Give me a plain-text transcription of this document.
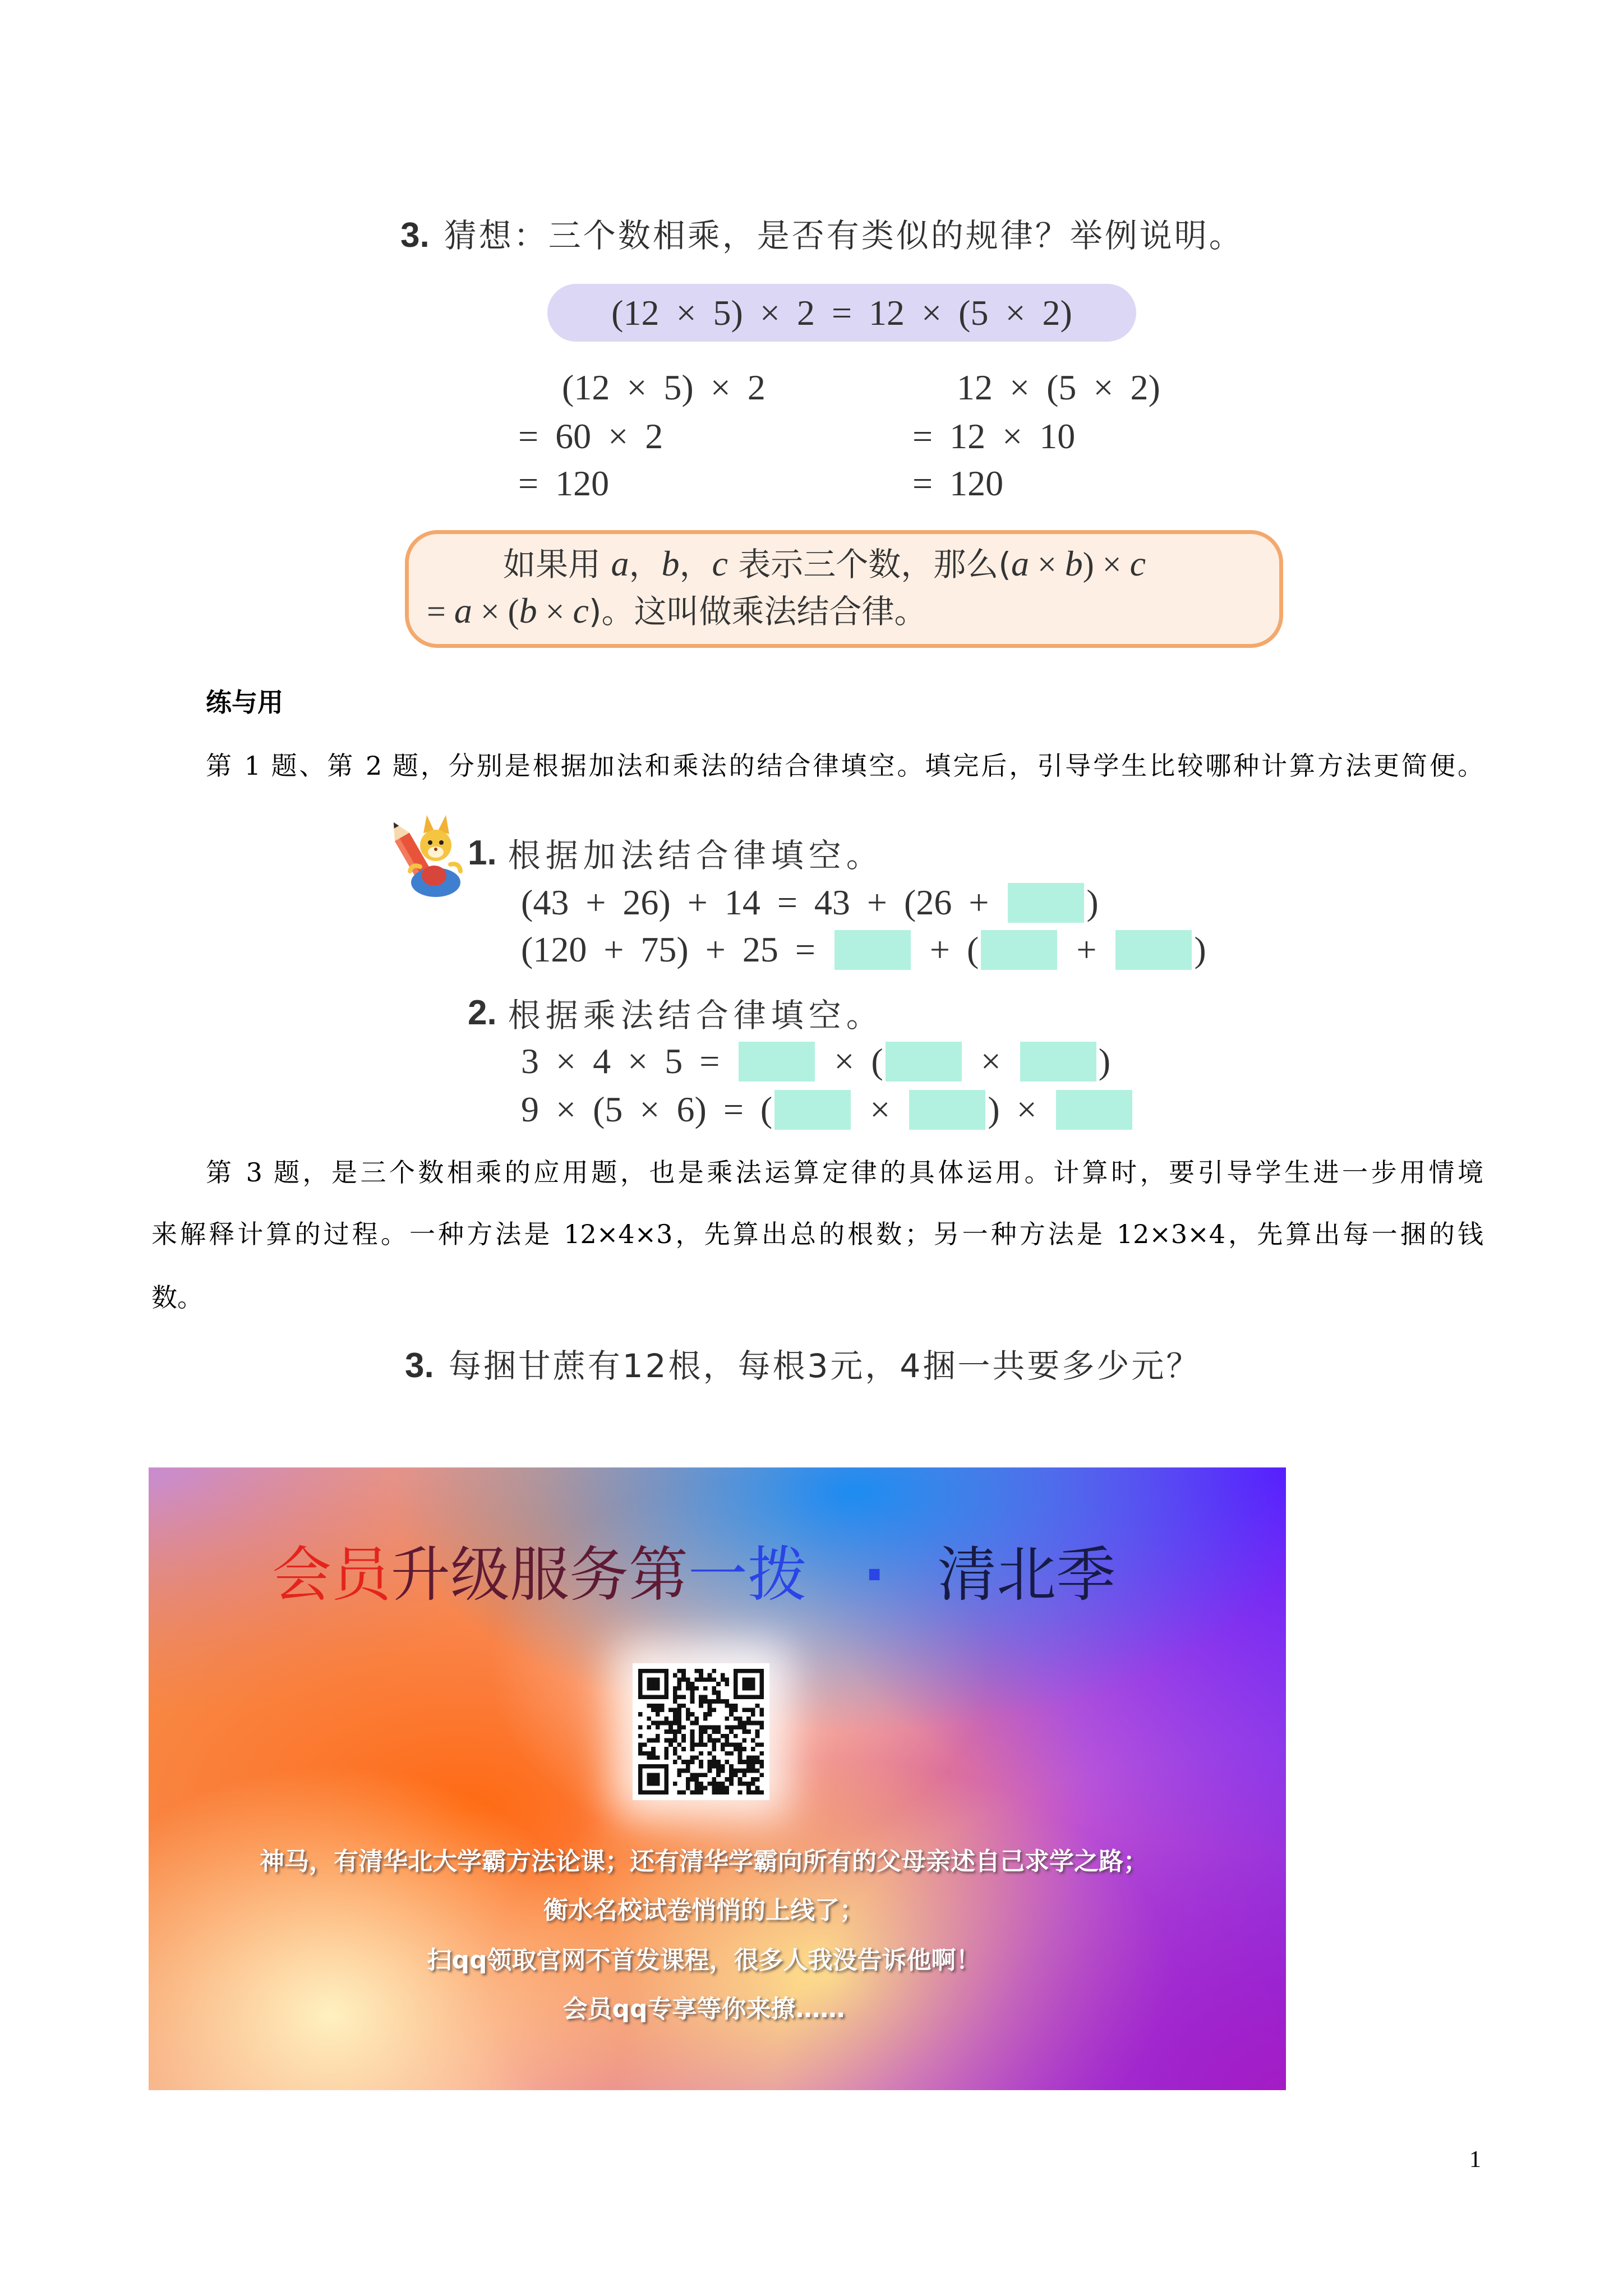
3. 猜想：三个数相乘，是否有类似的规律？举例说明。
(12 × 5) × 2 = 12 × (5 × 2)
(12 × 5) × 2
= 60 × 2
= 120
12 × (5 × 2)
= 12 × 10
= 120
如果用 a ， b ， c 表示三个数，那么( a × b ) × c
= a × ( b × c )。这叫做乘法结合律。
练与用
第 1 题、第 2 题，分别是根据加法和乘法的结合律填空。填完后，引导学生比较哪种计算方法更简便。
1. 根据加法结合律填空。
(43 + 26) + 14 = 43 + (26 + )
(120 + 75) + 25 = + ( + )
2. 根据乘法结合律填空。
3 × 4 × 5 = × ( × )
9 × (5 × 6) = ( × ) ×
第 3 题，是三个数相乘的应用题，也是乘法运算定律的具体运用。计算时，要引导学生进一步用情境
来解释计算的过程。一种方法是 12×4×3，先算出总的根数；另一种方法是 12×3×4，先算出每一捆的钱
数。
3. 每捆甘蔗有12根，每根3元，4捆一共要多少元？
会员 升级服务第 一拨 · 清北季
神马，有清华北大学霸方法论课；还有清华学霸向所有的父母亲述自己求学之路；
衡水名校试卷悄悄的上线了；
扫qq领取官网不首发课程，很多人我没告诉他啊！
会员qq专享等你来撩……
1
